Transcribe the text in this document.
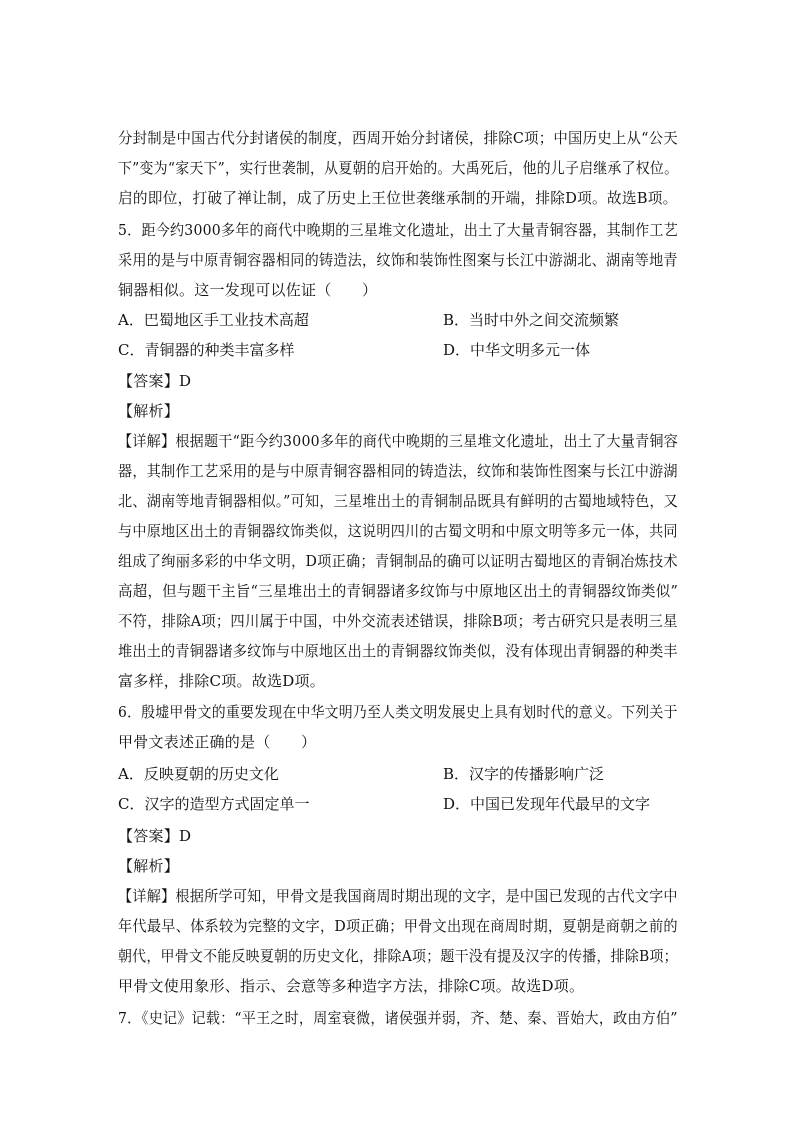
分封制是中国古代分封诸侯的制度，西周开始分封诸侯，排除C项；中国历史上从“公天
下”变为“家天下”，实行世袭制，从夏朝的启开始的。大禹死后，他的儿子启继承了权位。
启的即位，打破了禅让制，成了历史上王位世袭继承制的开端，排除D项。故选B项。
5．距今约3000多年的商代中晚期的三星堆文化遗址，出土了大量青铜容器，其制作工艺
采用的是与中原青铜容器相同的铸造法，纹饰和装饰性图案与长江中游湖北、湖南等地青
铜器相似。这一发现可以佐证（　　）
A．巴蜀地区手工业技术高超	B．当时中外之间交流频繁
C．青铜器的种类丰富多样	D．中华文明多元一体
【答案】D
【解析】
【详解】根据题干“距今约3000多年的商代中晚期的三星堆文化遗址，出土了大量青铜容
器，其制作工艺采用的是与中原青铜容器相同的铸造法，纹饰和装饰性图案与长江中游湖
北、湖南等地青铜器相似。”可知，三星堆出土的青铜制品既具有鲜明的古蜀地域特色，又
与中原地区出土的青铜器纹饰类似，这说明四川的古蜀文明和中原文明等多元一体，共同
组成了绚丽多彩的中华文明，D项正确；青铜制品的确可以证明古蜀地区的青铜冶炼技术
高超，但与题干主旨“三星堆出土的青铜器诸多纹饰与中原地区出土的青铜器纹饰类似”
不符，排除A项；四川属于中国，中外交流表述错误，排除B项；考古研究只是表明三星
堆出土的青铜器诸多纹饰与中原地区出土的青铜器纹饰类似，没有体现出青铜器的种类丰
富多样，排除C项。故选D项。
6．殷墟甲骨文的重要发现在中华文明乃至人类文明发展史上具有划时代的意义。下列关于
甲骨文表述正确的是（　　）
A．反映夏朝的历史文化	B．汉字的传播影响广泛
C．汉字的造型方式固定单一	D．中国已发现年代最早的文字
【答案】D
【解析】
【详解】根据所学可知，甲骨文是我国商周时期出现的文字，是中国已发现的古代文字中
年代最早、体系较为完整的文字，D项正确；甲骨文出现在商周时期，夏朝是商朝之前的
朝代，甲骨文不能反映夏朝的历史文化，排除A项；题干没有提及汉字的传播，排除B项；
甲骨文使用象形、指示、会意等多种造字方法，排除C项。故选D项。
7．《史记》记载：“平王之时，周室衰微，诸侯强并弱，齐、楚、秦、晋始大，政由方伯”
